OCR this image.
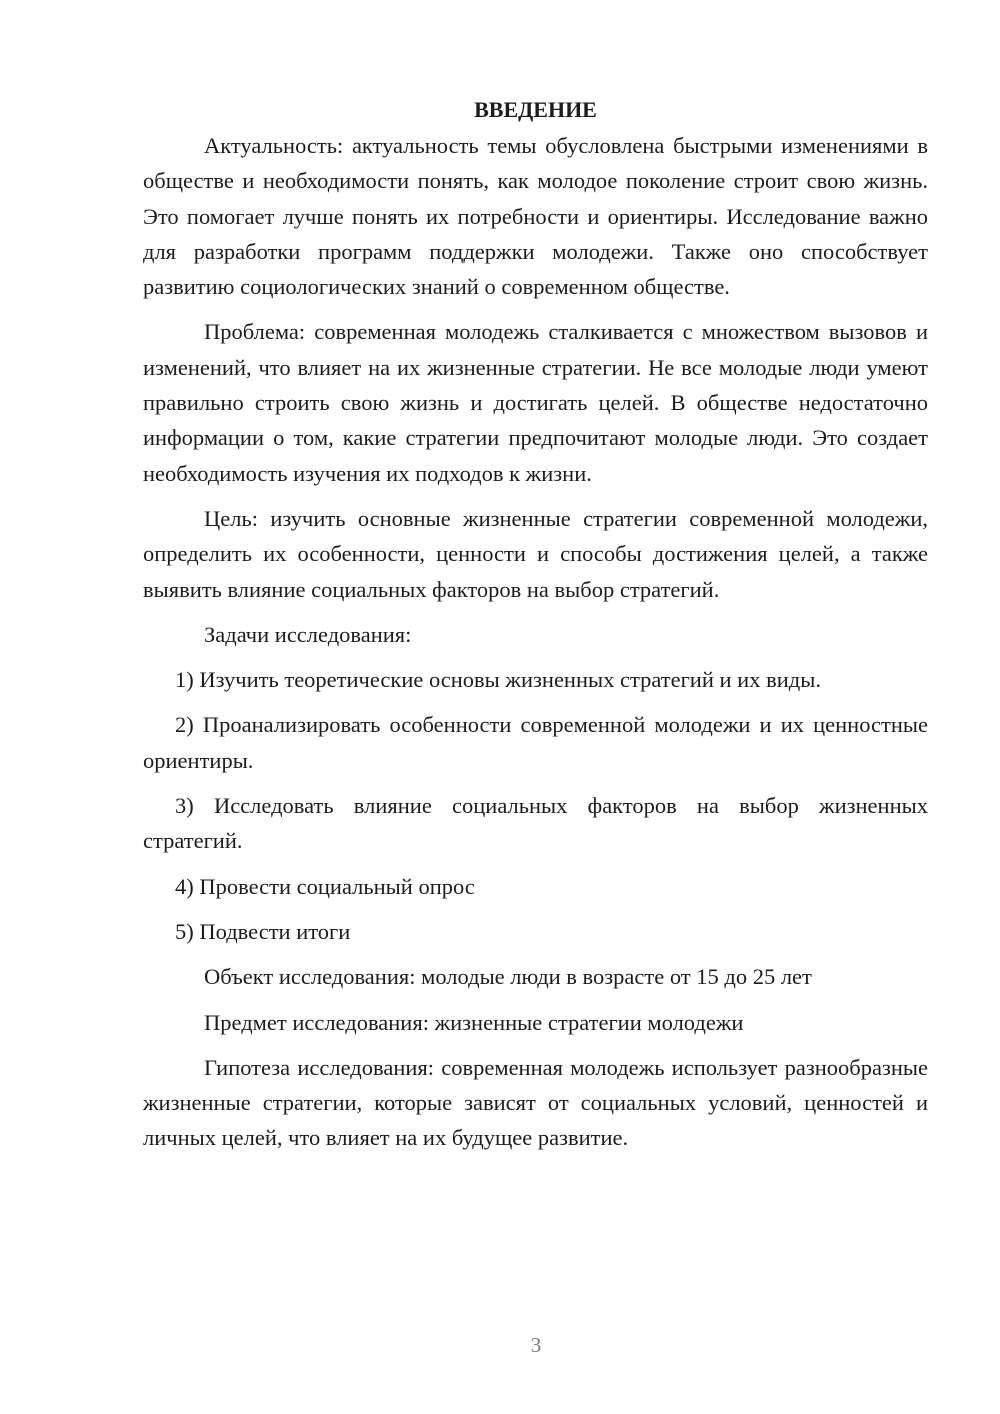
ВВЕДЕНИЕ

Актуальность: актуальность темы обусловлена быстрыми изменениями в обществе и необходимости понять, как молодое поколение строит свою жизнь. Это помогает лучше понять их потребности и ориентиры. Исследование важно для разработки программ поддержки молодежи. Также оно способствует развитию социологических знаний о современном обществе.

Проблема: современная молодежь сталкивается с множеством вызовов и изменений, что влияет на их жизненные стратегии. Не все молодые люди умеют правильно строить свою жизнь и достигать целей. В обществе недостаточно информации о том, какие стратегии предпочитают молодые люди. Это создает необходимость изучения их подходов к жизни.

Цель: изучить основные жизненные стратегии современной молодежи, определить их особенности, ценности и способы достижения целей, а также выявить влияние социальных факторов на выбор стратегий.

Задачи исследования:

1) Изучить теоретические основы жизненных стратегий и их виды.

2) Проанализировать особенности современной молодежи и их ценностные ориентиры.

3) Исследовать влияние социальных факторов на выбор жизненных стратегий.

4) Провести социальный опрос

5) Подвести итоги

Объект исследования: молодые люди в возрасте от 15 до 25 лет

Предмет исследования: жизненные стратегии молодежи

Гипотеза исследования: современная молодежь использует разнообразные жизненные стратегии, которые зависят от социальных условий, ценностей и личных целей, что влияет на их будущее развитие.

3
